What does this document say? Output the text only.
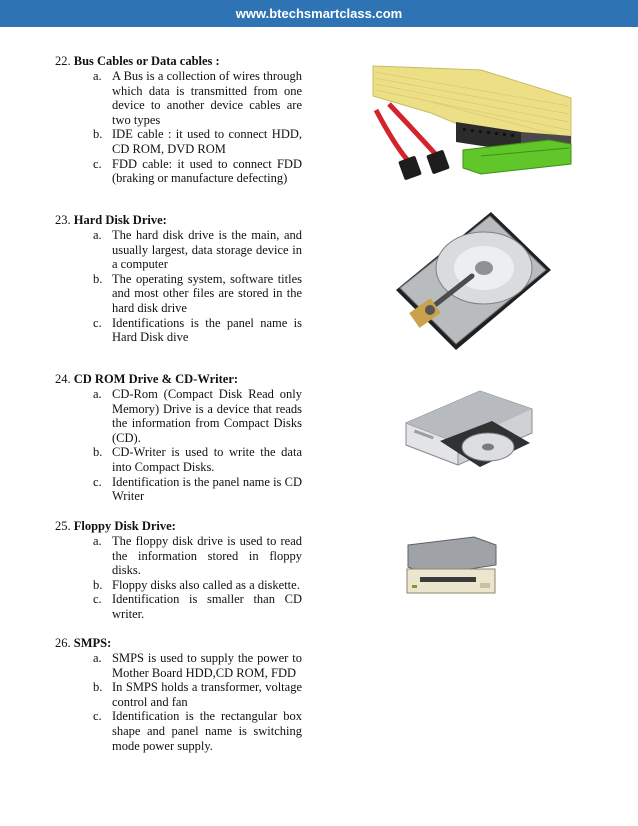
www.btechsmartclass.com
22. Bus Cables or Data cables :
a. A Bus is a collection of wires through which data is transmitted from one device to another device cables are two types
b. IDE cable : it used to connect HDD, CD ROM, DVD ROM
c. FDD cable: it used to connect FDD (braking or manufacture defecting)
23. Hard Disk Drive:
a. The hard disk drive is the main, and usually largest, data storage device in a computer
b. The operating system, software titles and most other files are stored in the hard disk drive
c. Identifications is the panel name is Hard Disk dive
24. CD ROM Drive & CD-Writer:
a. CD-Rom (Compact Disk Read only Memory) Drive is a device that reads the information from Compact Disks (CD).
b. CD-Writer is used to write the data into Compact Disks.
c. Identification is the panel name is CD Writer
25. Floppy Disk Drive:
a. The floppy disk drive is used to read the information stored in floppy disks.
b. Floppy disks also called as a diskette.
c. Identification is smaller than CD writer.
26. SMPS:
a. SMPS is used to supply the power to Mother Board HDD,CD ROM, FDD
b. In SMPS holds a transformer, voltage control and fan
c. Identification is the rectangular box shape and panel name is switching mode power supply.
